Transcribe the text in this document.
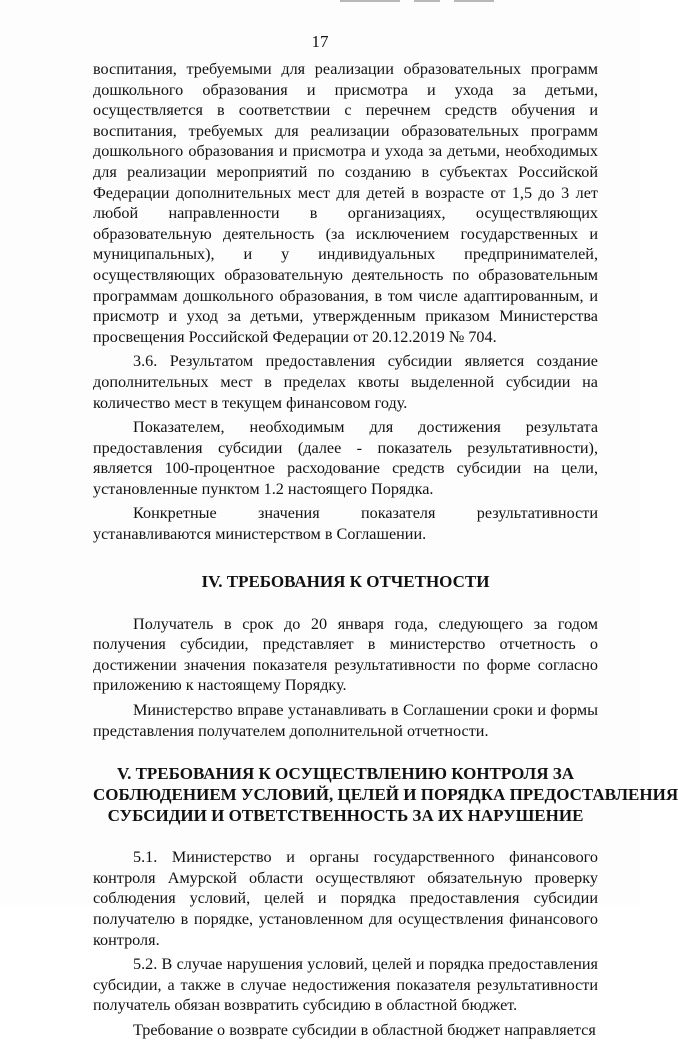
17

воспитания, требуемыми для реализации образовательных программ дошкольного образования и присмотра и ухода за детьми, осуществляется в соответствии с перечнем средств обучения и воспитания, требуемых для реализации образовательных программ дошкольного образования и присмотра и ухода за детьми, необходимых для реализации мероприятий по созданию в субъектах Российской Федерации дополнительных мест для детей в возрасте от 1,5 до 3 лет любой направленности в организациях, осуществляющих образовательную деятельность (за исключением государственных и муниципальных), и у индивидуальных предпринимателей, осуществляющих образовательную деятельность по образовательным программам дошкольного образования, в том числе адаптированным, и присмотр и уход за детьми, утвержденным приказом Министерства просвещения Российской Федерации от 20.12.2019 № 704.

3.6. Результатом предоставления субсидии является создание дополнительных мест в пределах квоты выделенной субсидии на количество мест в текущем финансовом году.

Показателем, необходимым для достижения результата предоставления субсидии (далее - показатель результативности), является 100-процентное расходование средств субсидии на цели, установленные пунктом 1.2 настоящего Порядка.

Конкретные значения показателя результативности устанавливаются министерством в Соглашении.

IV. ТРЕБОВАНИЯ К ОТЧЕТНОСТИ

Получатель в срок до 20 января года, следующего за годом получения субсидии, представляет в министерство отчетность о достижении значения показателя результативности по форме согласно приложению к настоящему Порядку.

Министерство вправе устанавливать в Соглашении сроки и формы представления получателем дополнительной отчетности.

V. ТРЕБОВАНИЯ К ОСУЩЕСТВЛЕНИЮ КОНТРОЛЯ ЗА
СОБЛЮДЕНИЕМ УСЛОВИЙ, ЦЕЛЕЙ И ПОРЯДКА ПРЕДОСТАВЛЕНИЯ
СУБСИДИИ И ОТВЕТСТВЕННОСТЬ ЗА ИХ НАРУШЕНИЕ

5.1. Министерство и органы государственного финансового контроля Амурской области осуществляют обязательную проверку соблюдения условий, целей и порядка предоставления субсидии получателю в порядке, установленном для осуществления финансового контроля.

5.2. В случае нарушения условий, целей и порядка предоставления субсидии, а также в случае недостижения показателя результативности получатель обязан возвратить субсидию в областной бюджет.

Требование о возврате субсидии в областной бюджет направляется
